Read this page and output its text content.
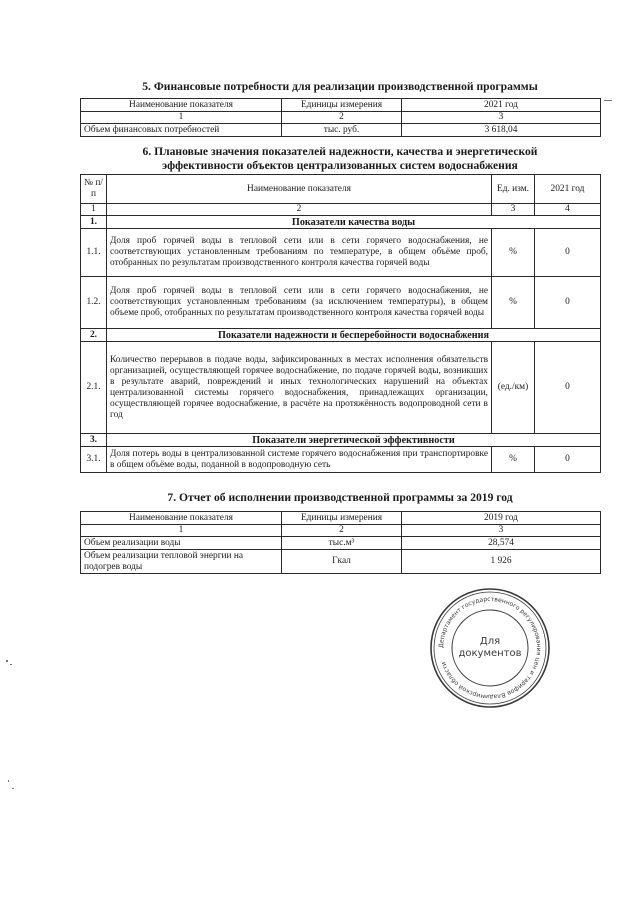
5. Финансовые потребности для реализации производственной программы
Наименование показателя	Единицы измерения	2021 год
1	2	3
Объем финансовых потребностей	тыс. руб.	3 618,04
6. Плановые значения показателей надежности, качества и энергетической
эффективности объектов централизованных систем водоснабжения
№ п/п	Наименование показателя	Ед. изм.	2021 год
1	2	3	4
1.	Показатели качества воды		
1.1.	Доля проб горячей воды в тепловой сети или в сети горячего водоснабжения, не соответствующих установленным требованиям по температуре, в общем объёме проб, отобранных по результатам производственного контроля качества горячей воды	%	0
1.2.	Доля проб горячей воды в тепловой сети или в сети горячего водоснабжения, не соответствующих установленным требованиям (за исключением температуры), в общем объеме проб, отобранных по результатам производственного контроля качества горячей воды	%	0
2.	Показатели надежности и бесперебойности водоснабжения		
2.1.	Количество перерывов в подаче воды, зафиксированных в местах исполнения обязательств организацией, осуществляющей горячее водоснабжение, по подаче горячей воды, возникших в результате аварий, повреждений и иных технологических нарушений на объектах централизованной системы горячего водоснабжения, принадлежащих организации, осуществляющей горячее водоснабжение, в расчёте на протяжённость водопроводной сети в год	(ед./км)	0
3.	Показатели энергетической эффективности		
3.1.	Доля потерь воды в централизованной системе горячего водоснабжения при транспортировке в общем объёме воды, поданной в водопроводную сеть	%	0
7. Отчет об исполнении производственной программы за 2019 год
Наименование показателя	Единицы измерения	2019 год
1	2	3
Объем реализации воды	тыс.м³	28,574
Объем реализации тепловой энергии на подогрев воды	Гкал	1 926
Департамент государственного регулирования цен и тарифов Владимирской области
Для
документов
